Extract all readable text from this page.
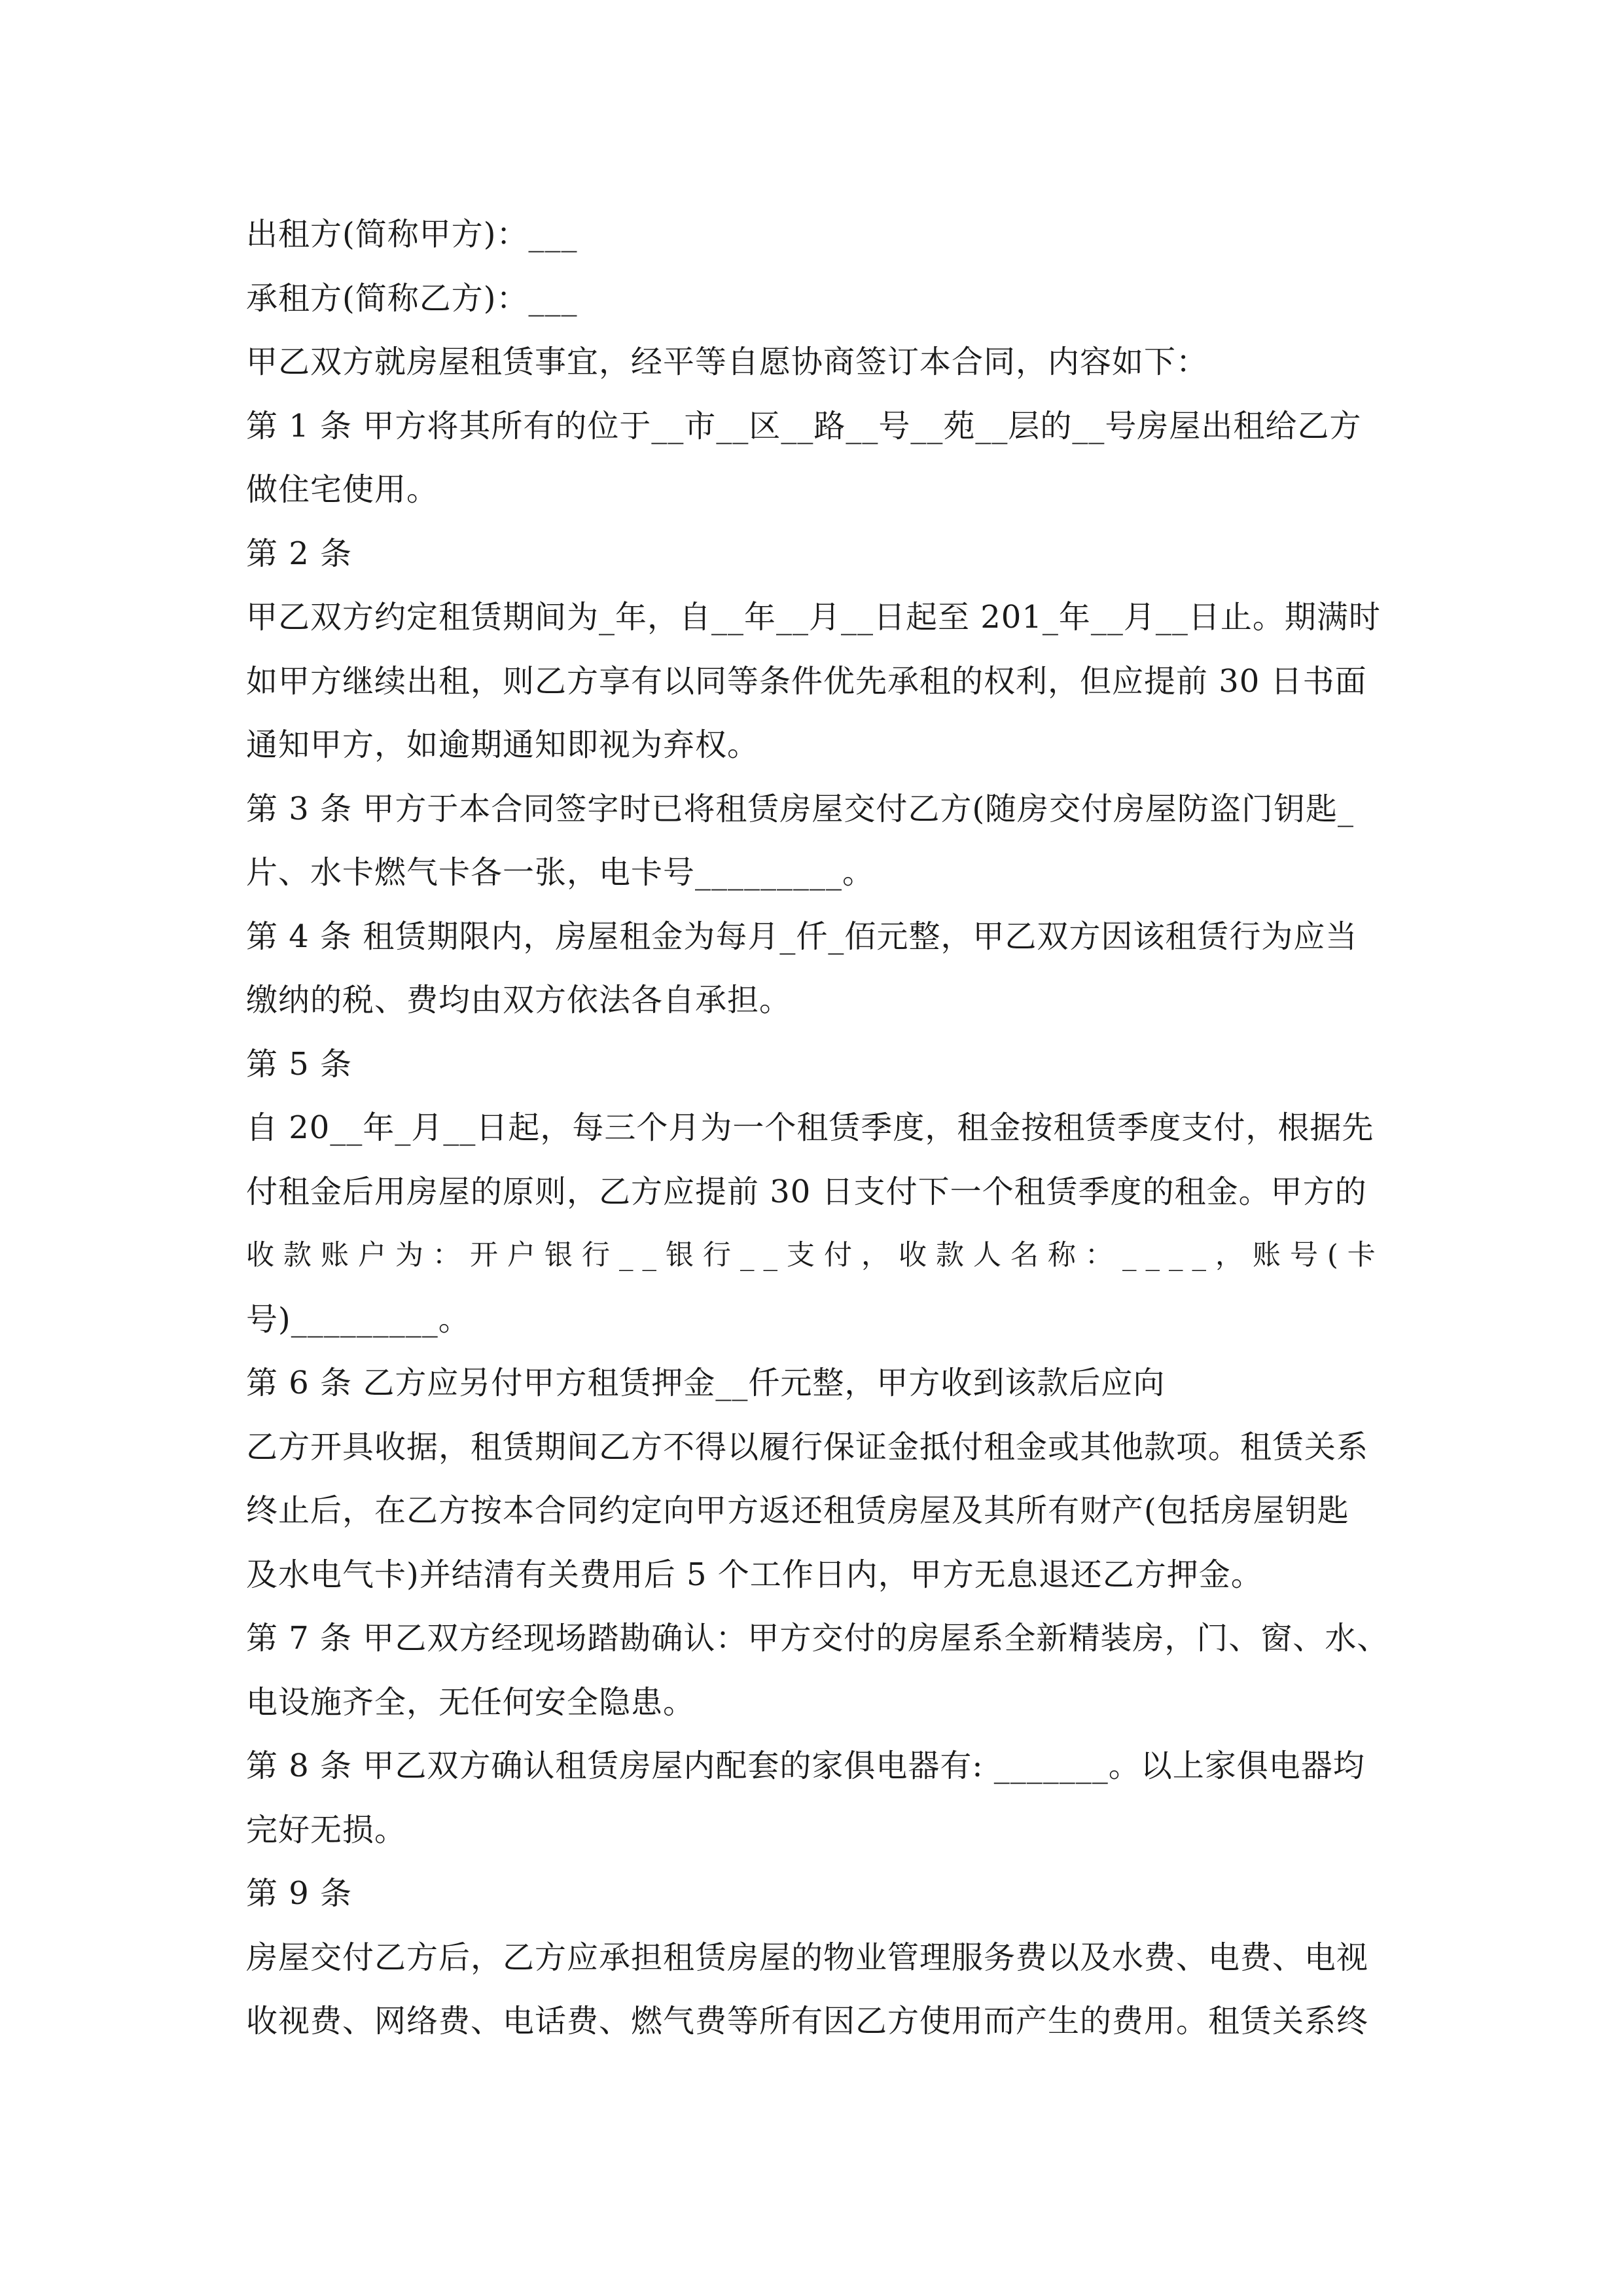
出租方(简称甲方)：___
承租方(简称乙方)：___
甲乙双方就房屋租赁事宜，经平等自愿协商签订本合同，内容如下：
第 1 条 甲方将其所有的位于__市__区__路__号__苑__层的__号房屋出租给乙方
做住宅使用。
第 2 条
甲乙双方约定租赁期间为_年，自__年__月__日起至 201_年__月__日止。期满时
如甲方继续出租，则乙方享有以同等条件优先承租的权利，但应提前 30 日书面
通知甲方，如逾期通知即视为弃权。
第 3 条 甲方于本合同签字时已将租赁房屋交付乙方(随房交付房屋防盗门钥匙_
片、水卡燃气卡各一张，电卡号_________。
第 4 条 租赁期限内，房屋租金为每月_仟_佰元整，甲乙双方因该租赁行为应当
缴纳的税、费均由双方依法各自承担。
第 5 条
自 20__年_月__日起，每三个月为一个租赁季度，租金按租赁季度支付，根据先
付租金后用房屋的原则，乙方应提前 30 日支付下一个租赁季度的租金。甲方的
收款账户为：开户银行__银行__支付，收款人名称：____，账号(卡
号)_________。
第 6 条 乙方应另付甲方租赁押金__仟元整，甲方收到该款后应向
乙方开具收据，租赁期间乙方不得以履行保证金抵付租金或其他款项。租赁关系
终止后，在乙方按本合同约定向甲方返还租赁房屋及其所有财产(包括房屋钥匙
及水电气卡)并结清有关费用后 5 个工作日内，甲方无息退还乙方押金。
第 7 条 甲乙双方经现场踏勘确认：甲方交付的房屋系全新精装房，门、窗、水、
电设施齐全，无任何安全隐患。
第 8 条 甲乙双方确认租赁房屋内配套的家俱电器有: _______。以上家俱电器均
完好无损。
第 9 条
房屋交付乙方后，乙方应承担租赁房屋的物业管理服务费以及水费、电费、电视
收视费、网络费、电话费、燃气费等所有因乙方使用而产生的费用。租赁关系终
